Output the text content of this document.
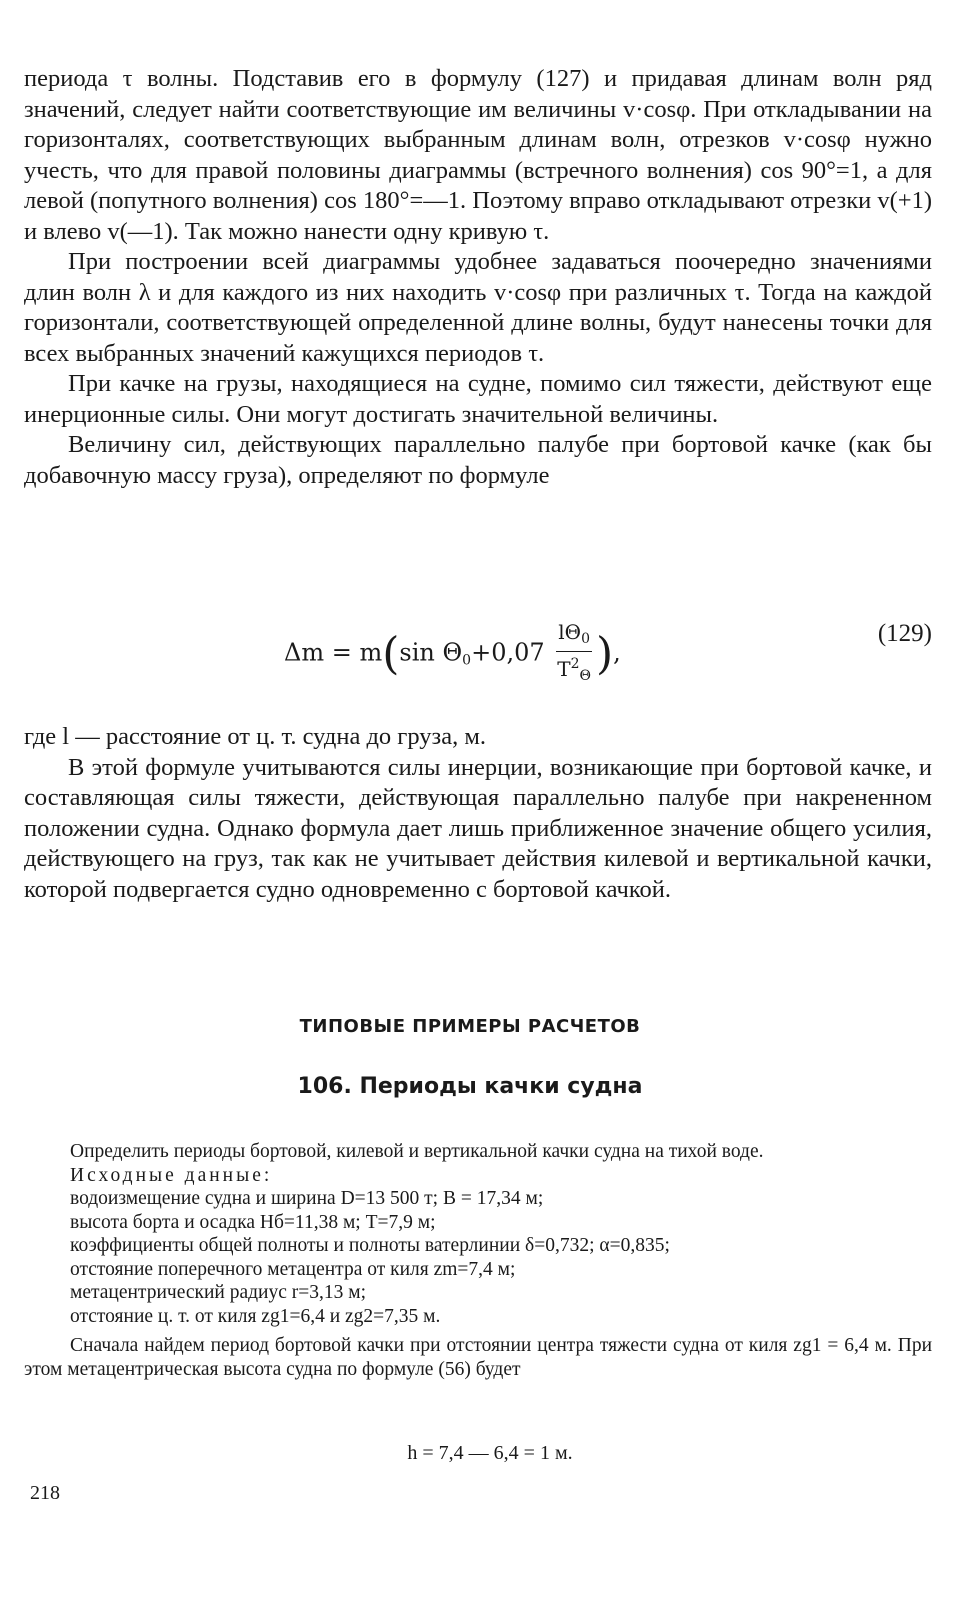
периода τ волны. Подставив его в формулу (127) и придавая длинам волн ряд значений, следует найти соответствующие им величины v·cosφ. При откладывании на горизонталях, соответствующих выбранным длинам волн, отрезков v·cosφ нужно учесть, что для правой половины диаграммы (встречного волнения) cos 90°=1, а для левой (попутного волнения) cos 180°=—1. Поэтому вправо откладывают отрезки v(+1) и влево v(—1). Так можно нанести одну кривую τ.

При построении всей диаграммы удобнее задаваться поочередно значениями длин волн λ и для каждого из них находить v·cosφ при различных τ. Тогда на каждой горизонтали, соответствующей определенной длине волны, будут нанесены точки для всех выбранных значений кажущихся периодов τ.

При качке на грузы, находящиеся на судне, помимо сил тяжести, действуют еще инерционные силы. Они могут достигать значительной величины.

Величину сил, действующих параллельно палубе при бортовой качке (как бы добавочную массу груза), определяют по формуле

Δm = m(sin $\Theta_0+0,07 \frac{l\Theta_0}{T^2_\Theta}$ ),
(129)

где l — расстояние от ц. т. судна до груза, м.

В этой формуле учитываются силы инерции, возникающие при бортовой качке, и составляющая силы тяжести, действующая параллельно палубе при накрененном положении судна. Однако формула дает лишь приближенное значение общего усилия, действующего на груз, так как не учитывает действия килевой и вертикальной качки, которой подвергается судно одновременно с бортовой качкой.

ТИПОВЫЕ ПРИМЕРЫ РАСЧЕТОВ
106. Периоды качки судна

Определить периоды бортовой, килевой и вертикальной качки судна на тихой воде.

Исходные данные:

водоизмещение судна и ширина D=13 500 т; B = 17,34 м;

высота борта и осадка Hб=11,38 м; T=7,9 м;

коэффициенты общей полноты и полноты ватерлинии δ=0,732; α=0,835;

отстояние поперечного метацентра от киля zm=7,4 м;

метацентрический радиус r=3,13 м;

отстояние ц. т. от киля zg1=6,4 и zg2=7,35 м.

Сначала найдем период бортовой качки при отстоянии центра тяжести судна от киля zg1 = 6,4 м. При этом метацентрическая высота судна по формуле (56) будет

h = 7,4 — 6,4 = 1 м.
218
